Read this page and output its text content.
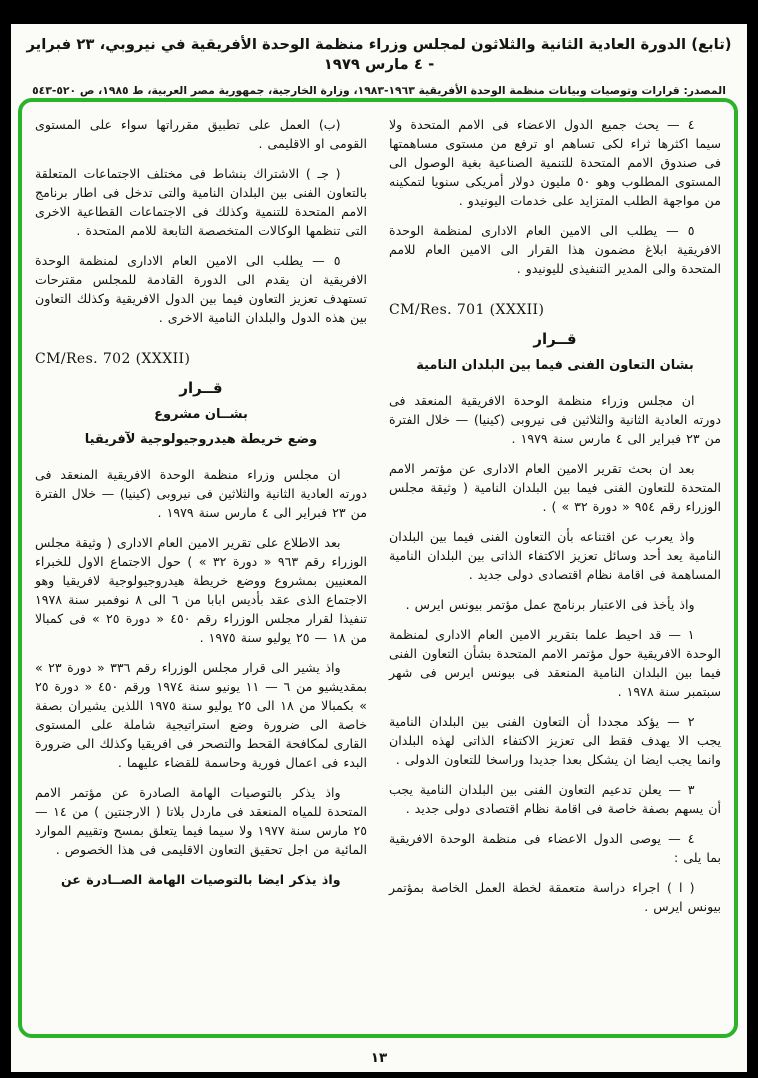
(تابع) الدورة العادية الثانية والثلاثون لمجلس وزراء منظمة الوحدة الأفريقية في نيروبي، ٢٣ فبراير - ٤ مارس ١٩٧٩
المصدر: قرارات وتوصيات وبيانات منظمة الوحدة الأفريقية ١٩٦٣-١٩٨٣، وزارة الخارجية، جمهورية مصر العربية، ط ١٩٨٥، ص ٥٢٠-٥٤٣

٤ — يحث جميع الدول الاعضاء فى الامم المتحدة ولا سيما اكثرها ثراء لكى تساهم او ترفع من مستوى مساهمتها فى صندوق الامم المتحدة للتنمية الصناعية بغية الوصول الى المستوى المطلوب وهو ٥٠ مليون دولار أمريكى سنويا لتمكينه من مواجهة الطلب المتزايد على خدمات اليونيدو .

٥ — يطلب الى الامين العام الادارى لمنظمة الوحدة الافريقية ابلاغ مضمون هذا القرار الى الامين العام للامم المتحدة والى المدير التنفيذى لليونيدو .

CM/Res. 701 (XXXII)
قــرار
بشان التعاون الفنى فيما بين البلدان النامية

ان مجلس وزراء منظمة الوحدة الافريقية المنعقد فى دورته العادية الثانية والثلاثين فى نيروبى (كينيا) — خلال الفترة من ٢٣ فبراير الى ٤ مارس سنة ١٩٧٩ .

بعد ان بحث تقرير الامين العام الادارى عن مؤتمر الامم المتحدة للتعاون الفنى فيما بين البلدان النامية ( وثيقة مجلس الوزراء رقم ٩٥٤ « دورة ٣٢ » ) .

واذ يعرب عن اقتناعه بأن التعاون الفنى فيما بين البلدان النامية يعد أحد وسائل تعزيز الاكتفاء الذاتى بين البلدان النامية المساهمة فى اقامة نظام اقتصادى دولى جديد .

واذ يأخذ فى الاعتبار برنامج عمل مؤتمر بيونس ايرس .

١ — قد احيط علما بتقرير الامين العام الادارى لمنظمة الوحدة الافريقية حول مؤتمر الامم المتحدة بشأن التعاون الفنى فيما بين البلدان النامية المنعقد فى بيونس ايرس فى شهر سبتمبر سنة ١٩٧٨ .

٢ — يؤكد مجددا أن التعاون الفنى بين البلدان النامية يجب الا يهدف فقط الى تعزيز الاكتفاء الذاتى لهذه البلدان وانما يجب ايضا ان يشكل بعدا جديدا وراسخا للتعاون الدولى .

٣ — يعلن تدعيم التعاون الفنى بين البلدان النامية يجب أن يسهم بصفة خاصة فى اقامة نظام اقتصادى دولى جديد .

٤ — يوصى الدول الاعضاء فى منظمة الوحدة الافريقية بما يلى :

( ا ) اجراء دراسة متعمقة لخطة العمل الخاصة بمؤتمر بيونس ايرس .

(ب) العمل على تطبيق مقرراتها سواء على المستوى القومى او الاقليمى .

( جـ ) الاشتراك بنشاط فى مختلف الاجتماعات المتعلقة بالتعاون الفنى بين البلدان النامية والتى تدخل فى اطار برنامج الامم المتحدة للتنمية وكذلك فى الاجتماعات القطاعية الاخرى التى تنظمها الوكالات المتخصصة التابعة للامم المتحدة .

٥ — يطلب الى الامين العام الادارى لمنظمة الوحدة الافريقية ان يقدم الى الدورة القادمة للمجلس مقترحات تستهدف تعزيز التعاون فيما بين الدول الافريقية وكذلك التعاون بين هذه الدول والبلدان النامية الاخرى .

CM/Res. 702 (XXXII)
قــرار
بشــان مشروع
وضع خريطة هيدروجيولوجية لآفريقيا

ان مجلس وزراء منظمة الوحدة الافريقية المنعقد فى دورته العادية الثانية والثلاثين فى نيروبى (كينيا) — خلال الفترة من ٢٣ فبراير الى ٤ مارس سنة ١٩٧٩ .

بعد الاطلاع على تقرير الامين العام الادارى ( وثيقة مجلس الوزراء رقم ٩٦٣ « دورة ٣٢ » ) حول الاجتماع الاول للخبراء المعنيين بمشروع ووضع خريطة هيدروجيولوجية لافريقيا وهو الاجتماع الذى عقد بأديس ابابا من ٦ الى ٨ نوفمبر سنة ١٩٧٨ تنفيذا لقرار مجلس الوزراء رقم ٤٥٠ « دورة ٢٥ » فى كمبالا من ١٨ — ٢٥ يوليو سنة ١٩٧٥ .

واذ يشير الى قرار مجلس الوزراء رقم ٣٣٦ « دورة ٢٣ » بمقديشيو من ٦ — ١١ يونيو سنة ١٩٧٤ ورقم ٤٥٠ « دورة ٢٥ » بكمبالا من ١٨ الى ٢٥ يوليو سنة ١٩٧٥ اللذين يشيران بصفة خاصة الى ضرورة وضع استراتيجية شاملة على المستوى القارى لمكافحة القحط والتصحر فى افريقيا وكذلك الى ضرورة البدء فى اعمال فورية وحاسمة للقضاء عليهما .

واذ يذكر بالتوصيات الهامة الصادرة عن مؤتمر الامم المتحدة للمياه المنعقد فى ماردل بلاتا ( الارجنتين ) من ١٤ — ٢٥ مارس سنة ١٩٧٧ ولا سيما فيما يتعلق بمسح وتقييم الموارد المائية من اجل تحقيق التعاون الاقليمى فى هذا الخصوص .

واذ يذكر ايضا بالتوصيات الهامة الصــادرة عن

١٣
